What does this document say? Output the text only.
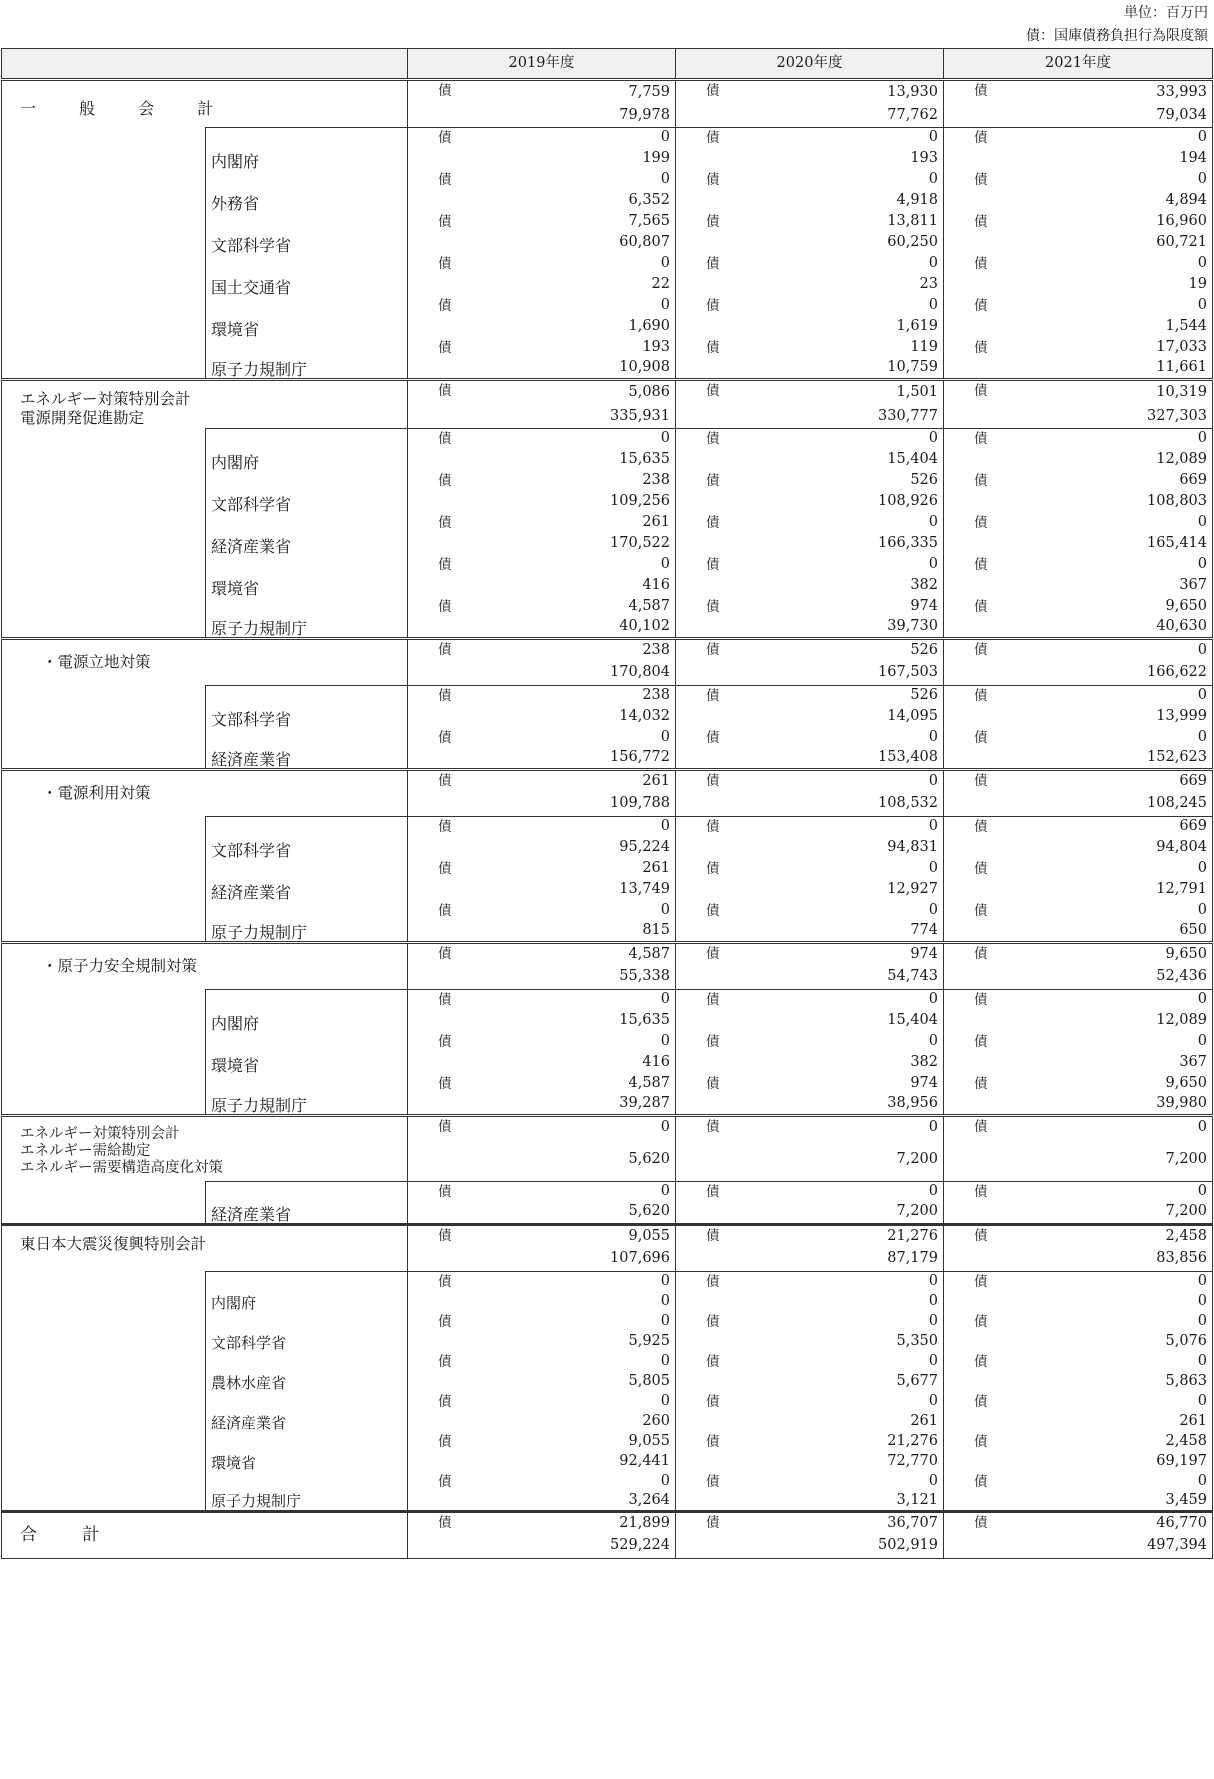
単位：百万円
債：国庫債務負担行為限度額
		2019年度		2020年度		2021年度	
一 般 会 計		債	7,759	債	13,930	債	33,993
			79,978		77,762		79,034
	内閣府	債	0	債	0	債	0
			199		193		194
	外務省	債	0	債	0	債	0
			6,352		4,918		4,894
	文部科学省	債	7,565	債	13,811	債	16,960
			60,807		60,250		60,721
	国土交通省	債	0	債	0	債	0
			22		23		19
	環境省	債	0	債	0	債	0
			1,690		1,619		1,544
	原子力規制庁	債	193	債	119	債	17,033
			10,908		10,759		11,661
エネルギー対策特別会計
電源開発促進勘定		債	5,086	債	1,501	債	10,319
			335,931		330,777		327,303
	内閣府	債	0	債	0	債	0
			15,635		15,404		12,089
	文部科学省	債	238	債	526	債	669
			109,256		108,926		108,803
	経済産業省	債	261	債	0	債	0
			170,522		166,335		165,414
	環境省	債	0	債	0	債	0
			416		382		367
	原子力規制庁	債	4,587	債	974	債	9,650
			40,102		39,730		40,630
・電源立地対策		債	238	債	526	債	0
			170,804		167,503		166,622
	文部科学省	債	238	債	526	債	0
			14,032		14,095		13,999
	経済産業省	債	0	債	0	債	0
			156,772		153,408		152,623
・電源利用対策		債	261	債	0	債	669
			109,788		108,532		108,245
	文部科学省	債	0	債	0	債	669
			95,224		94,831		94,804
	経済産業省	債	261	債	0	債	0
			13,749		12,927		12,791
	原子力規制庁	債	0	債	0	債	0
			815		774		650
・原子力安全規制対策		債	4,587	債	974	債	9,650
			55,338		54,743		52,436
	内閣府	債	0	債	0	債	0
			15,635		15,404		12,089
	環境省	債	0	債	0	債	0
			416		382		367
	原子力規制庁	債	4,587	債	974	債	9,650
			39,287		38,956		39,980
エネルギー対策特別会計
エネルギー需給勘定
エネルギー需要構造高度化対策		債	0	債	0	債	0
			5,620		7,200		7,200
	経済産業省	債	0	債	0	債	0
			5,620		7,200		7,200
東日本大震災復興特別会計		債	9,055	債	21,276	債	2,458
			107,696		87,179		83,856
	内閣府	債	0	債	0	債	0
			0		0		0
	文部科学省	債	0	債	0	債	0
			5,925		5,350		5,076
	農林水産省	債	0	債	0	債	0
			5,805		5,677		5,863
	経済産業省	債	0	債	0	債	0
			260		261		261
	環境省	債	9,055	債	21,276	債	2,458
			92,441		72,770		69,197
	原子力規制庁	債	0	債	0	債	0
			3,264		3,121		3,459
合 計		債	21,899	債	36,707	債	46,770
			529,224		502,919		497,394
